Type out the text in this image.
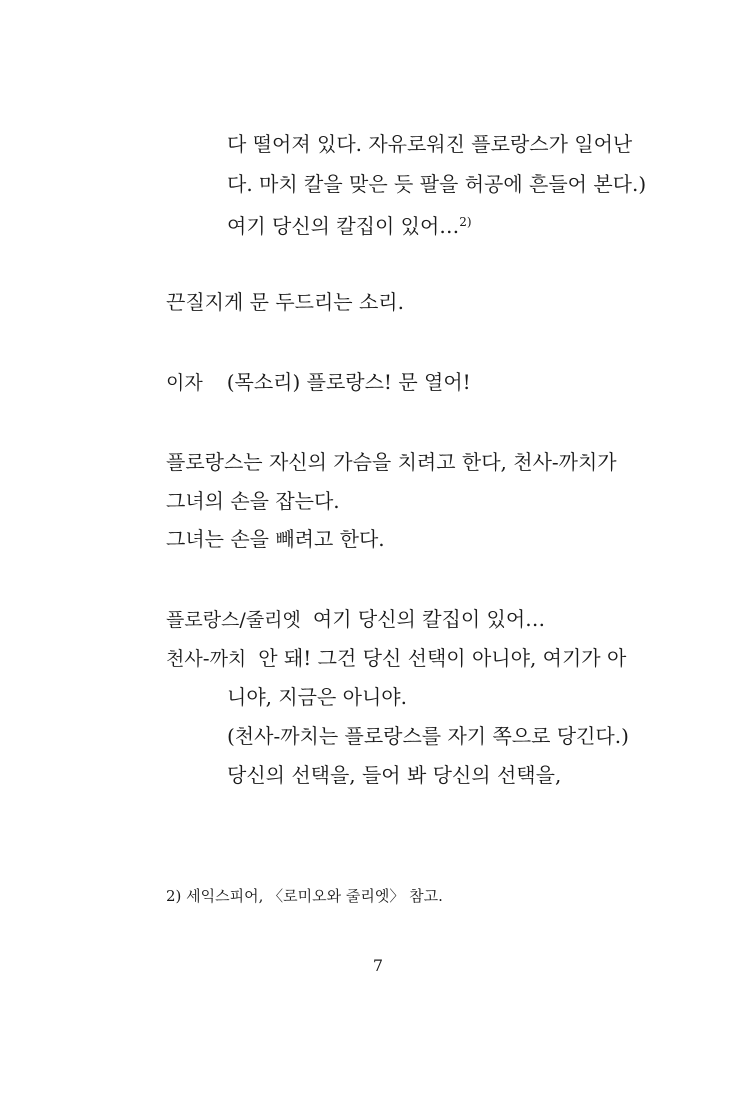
다 떨어져 있다. 자유로워진 플로랑스가 일어난
다. 마치 칼을 맞은 듯 팔을 허공에 흔들어 본다.)
여기 당신의 칼집이 있어…$^{2)}$
끈질지게 문 두드리는 소리.
이자 (목소리) 플로랑스! 문 열어!
플로랑스는 자신의 가슴을 치려고 한다, 천사-까치가
그녀의 손을 잡는다.
그녀는 손을 빼려고 한다.
플로랑스/줄리엣 여기 당신의 칼집이 있어…
천사-까치 안 돼! 그건 당신 선택이 아니야, 여기가 아
니야, 지금은 아니야.
(천사-까치는 플로랑스를 자기 쪽으로 당긴다.)
당신의 선택을, 들어 봐 당신의 선택을,
2) 세익스피어, 〈로미오와 줄리엣〉 참고.
7
